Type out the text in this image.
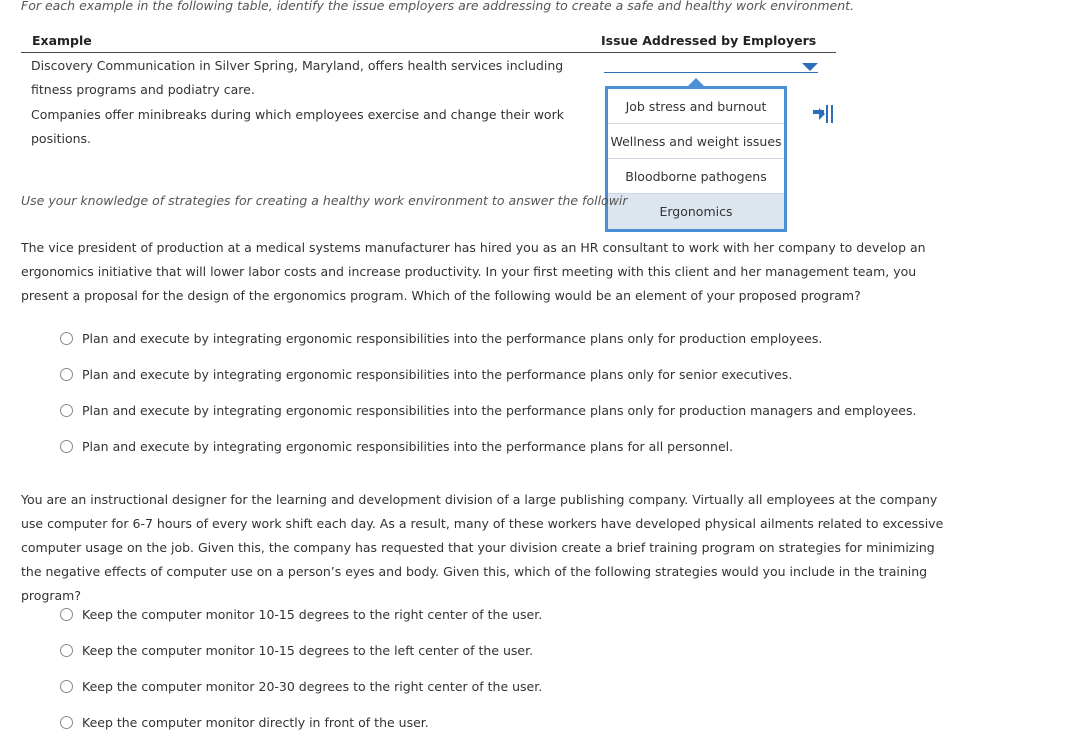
For each example in the following table, identify the issue employers are addressing to create a safe and healthy work environment.
Example	Issue Addressed by Employers
Discovery Communication in Silver Spring, Maryland, offers health services including fitness programs and podiatry care.
Companies offer minibreaks during which employees exercise and change their work positions.
Job stress and burnout
Wellness and weight issues
Bloodborne pathogens
Ergonomics
Use your knowledge of strategies for creating a healthy work environment to answer the followir
The vice president of production at a medical systems manufacturer has hired you as an HR consultant to work with her company to develop an ergonomics initiative that will lower labor costs and increase productivity. In your first meeting with this client and her management team, you present a proposal for the design of the ergonomics program. Which of the following would be an element of your proposed program?
Plan and execute by integrating ergonomic responsibilities into the performance plans only for production employees.
Plan and execute by integrating ergonomic responsibilities into the performance plans only for senior executives.
Plan and execute by integrating ergonomic responsibilities into the performance plans only for production managers and employees.
Plan and execute by integrating ergonomic responsibilities into the performance plans for all personnel.
You are an instructional designer for the learning and development division of a large publishing company. Virtually all employees at the company use computer for 6-7 hours of every work shift each day. As a result, many of these workers have developed physical ailments related to excessive computer usage on the job. Given this, the company has requested that your division create a brief training program on strategies for minimizing the negative effects of computer use on a person’s eyes and body. Given this, which of the following strategies would you include in the training program?
Keep the computer monitor 10-15 degrees to the right center of the user.
Keep the computer monitor 10-15 degrees to the left center of the user.
Keep the computer monitor 20-30 degrees to the right center of the user.
Keep the computer monitor directly in front of the user.
